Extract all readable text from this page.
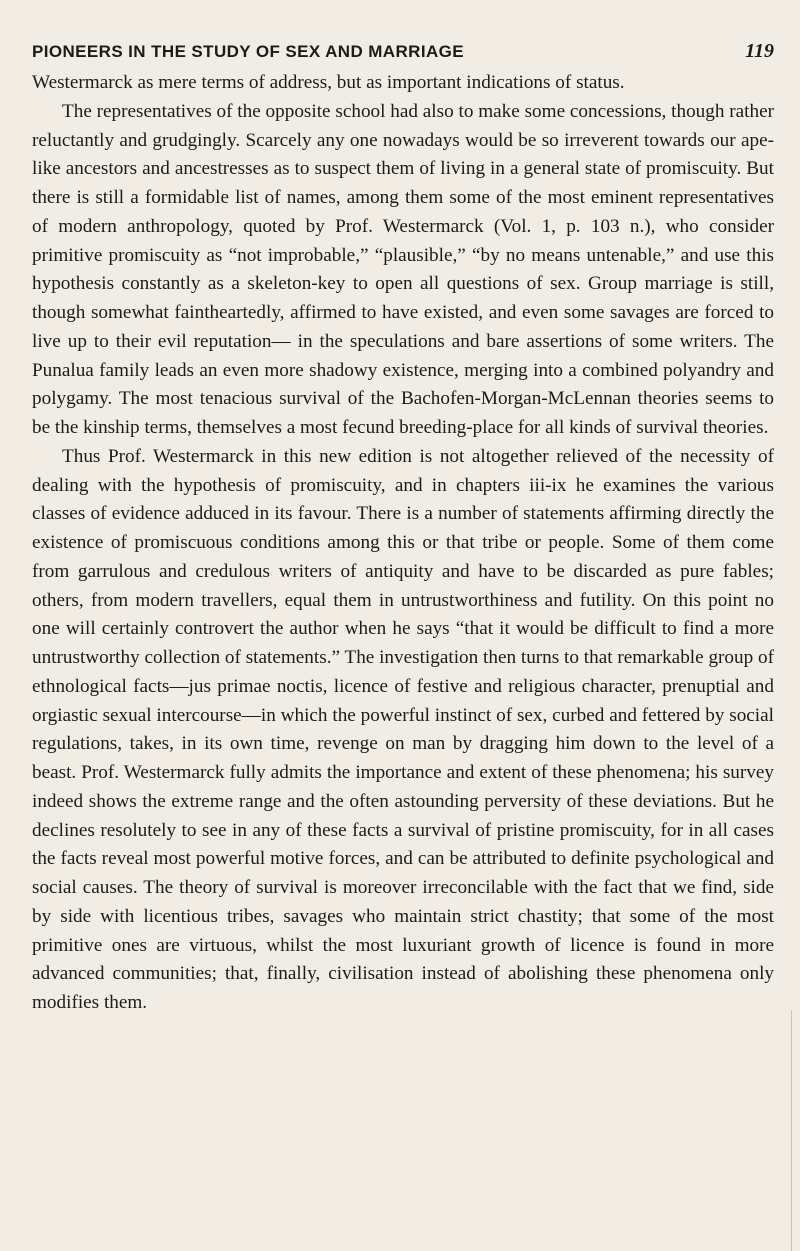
PIONEERS IN THE STUDY OF SEX AND MARRIAGE	119

Westermarck as mere terms of address, but as important indications of status.

The representatives of the opposite school had also to make some concessions, though rather reluctantly and grudgingly. Scarcely any one nowadays would be so irreverent towards our ape-like ancestors and ancestresses as to suspect them of living in a general state of promiscuity. But there is still a formidable list of names, among them some of the most eminent representatives of modern anthropology, quoted by Prof. Westermarck (Vol. 1, p. 103 n.), who consider primitive promiscuity as “not improbable,” “plausible,” “by no means untenable,” and use this hypothesis constantly as a skeleton-key to open all questions of sex. Group marriage is still, though somewhat faintheartedly, affirmed to have existed, and even some savages are forced to live up to their evil reputation— in the speculations and bare assertions of some writers. The Punalua family leads an even more shadowy existence, merging into a combined polyandry and polygamy. The most tenacious survival of the Bachofen-Morgan-McLennan theories seems to be the kinship terms, themselves a most fecund breeding-place for all kinds of survival theories.

Thus Prof. Westermarck in this new edition is not altogether relieved of the necessity of dealing with the hypothesis of promiscuity, and in chapters iii-ix he examines the various classes of evidence adduced in its favour. There is a number of statements affirming directly the existence of promiscuous conditions among this or that tribe or people. Some of them come from garrulous and credulous writers of antiquity and have to be discarded as pure fables; others, from modern travellers, equal them in untrustworthiness and futility. On this point no one will certainly controvert the author when he says “that it would be difficult to find a more untrustworthy collection of statements.” The investigation then turns to that remarkable group of ethnological facts—jus primae noctis, licence of festive and religious character, prenuptial and orgiastic sexual intercourse—in which the powerful instinct of sex, curbed and fettered by social regulations, takes, in its own time, revenge on man by dragging him down to the level of a beast. Prof. Westermarck fully admits the importance and extent of these phenomena; his survey indeed shows the extreme range and the often astounding perversity of these deviations. But he declines resolutely to see in any of these facts a survival of pristine promiscuity, for in all cases the facts reveal most powerful motive forces, and can be attributed to definite psychological and social causes. The theory of survival is moreover irreconcilable with the fact that we find, side by side with licentious tribes, savages who maintain strict chastity; that some of the most primitive ones are virtuous, whilst the most luxuriant growth of licence is found in more advanced communities; that, finally, civilisation instead of abolishing these phenomena only modifies them.
